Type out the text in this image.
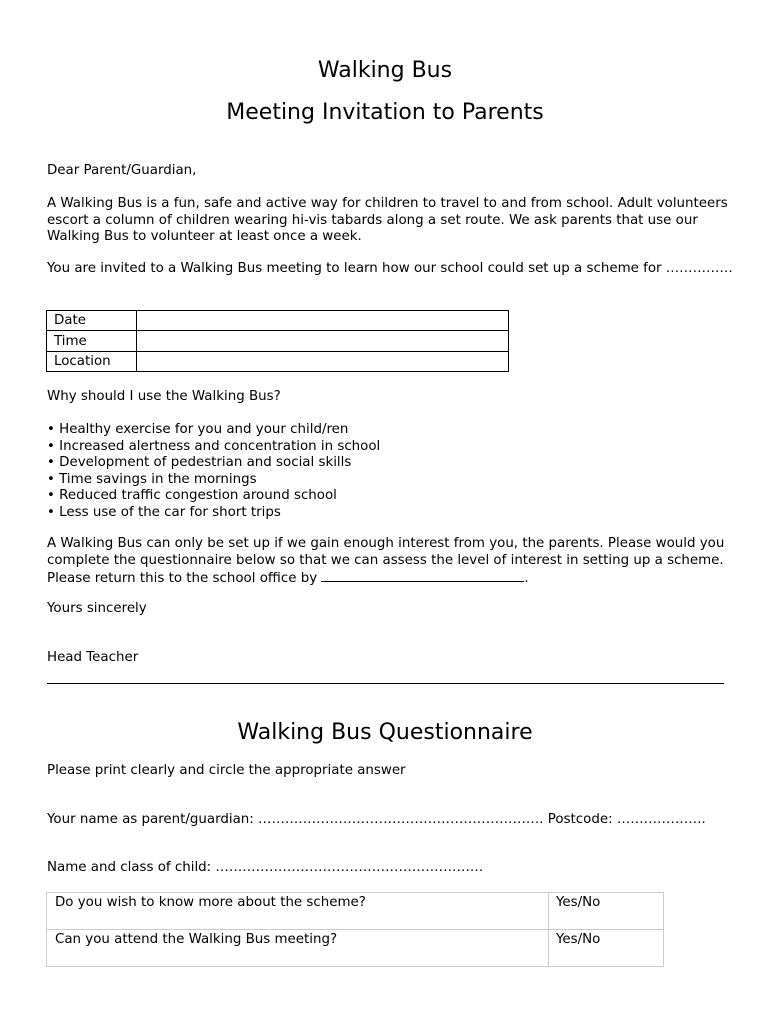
Walking Bus
Meeting Invitation to Parents

Dear Parent/Guardian,

A Walking Bus is a fun, safe and active way for children to travel to and from school. Adult volunteers escort a column of children wearing hi-vis tabards along a set route. We ask parents that use our Walking Bus to volunteer at least once a week.

You are invited to a Walking Bus meeting to learn how our school could set up a scheme for ……………

Date	
Time	
Location	

Why should I use the Walking Bus?

• Healthy exercise for you and your child/ren
• Increased alertness and concentration in school
• Development of pedestrian and social skills
• Time savings in the mornings
• Reduced traffic congestion around school
• Less use of the car for short trips

A Walking Bus can only be set up if we gain enough interest from you, the parents. Please would you complete the questionnaire below so that we can assess the level of interest in setting up a scheme. Please return this to the school office by	.

Yours sincerely

Head Teacher

Walking Bus Questionnaire

Please print clearly and circle the appropriate answer

Your name as parent/guardian: ………………………………………………………. Postcode: ………………..

Name and class of child: ……………………………………………………

Do you wish to know more about the scheme?	Yes/No
Can you attend the Walking Bus meeting?	Yes/No
